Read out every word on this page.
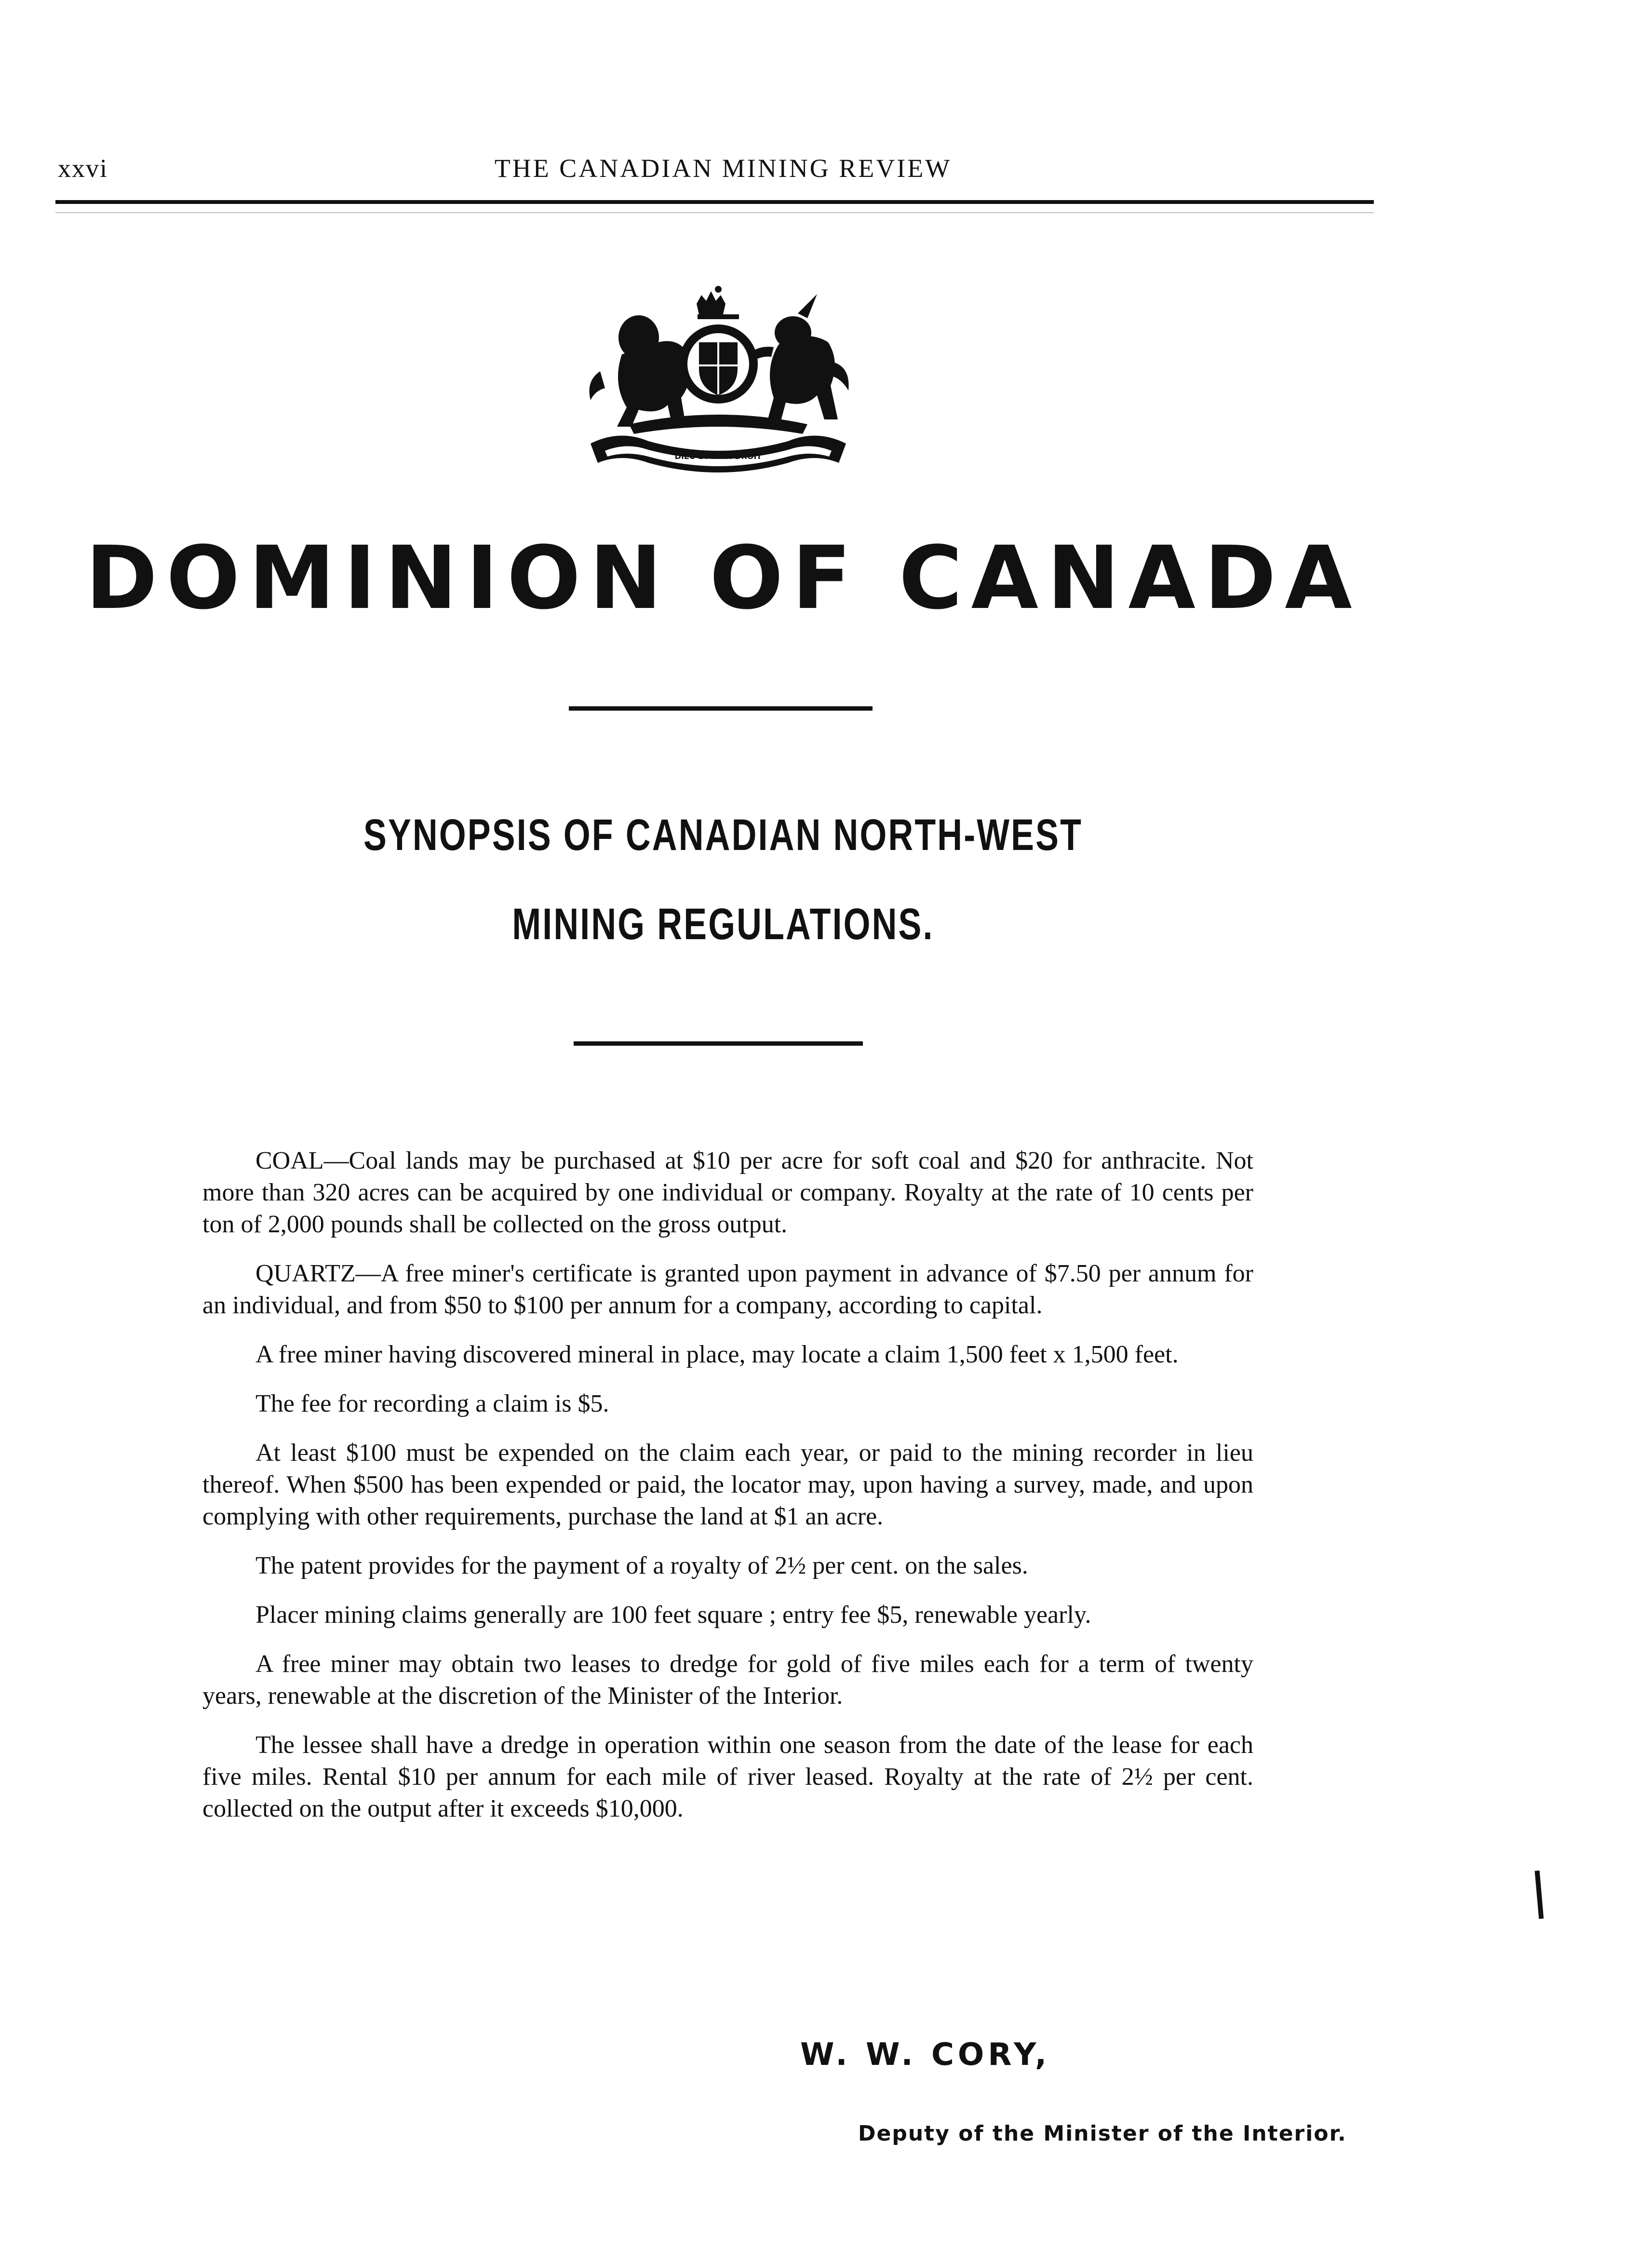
xxvi	THE CANADIAN MINING REVIEW
DIEU ET MON DROIT
DOMINION OF CANADA
SYNOPSIS OF CANADIAN NORTH-WEST
MINING REGULATIONS.

COAL—Coal lands may be purchased at $10 per acre for soft coal and $20 for anthracite. Not more than 320 acres can be acquired by one individual or company. Royalty at the rate of 10 cents per ton of 2,000 pounds shall be collected on the gross output.

QUARTZ—A free miner's certificate is granted upon payment in advance of $7.50 per annum for an individual, and from $50 to $100 per annum for a company, according to capital.

A free miner having discovered mineral in place, may locate a claim 1,500 feet x 1,500 feet.

The fee for recording a claim is $5.

At least $100 must be expended on the claim each year, or paid to the mining recorder in lieu thereof. When $500 has been expended or paid, the locator may, upon having a survey, made, and upon complying with other requirements, purchase the land at $1 an acre.

The patent provides for the payment of a royalty of 2½ per cent. on the sales.

Placer mining claims generally are 100 feet square ; entry fee $5, renewable yearly.

A free miner may obtain two leases to dredge for gold of five miles each for a term of twenty years, renewable at the discretion of the Minister of the Interior.

The lessee shall have a dredge in operation within one season from the date of the lease for each five miles. Rental $10 per annum for each mile of river leased. Royalty at the rate of 2½ per cent. collected on the output after it exceeds $10,000.

W. W. CORY,
Deputy of the Minister of the Interior.
